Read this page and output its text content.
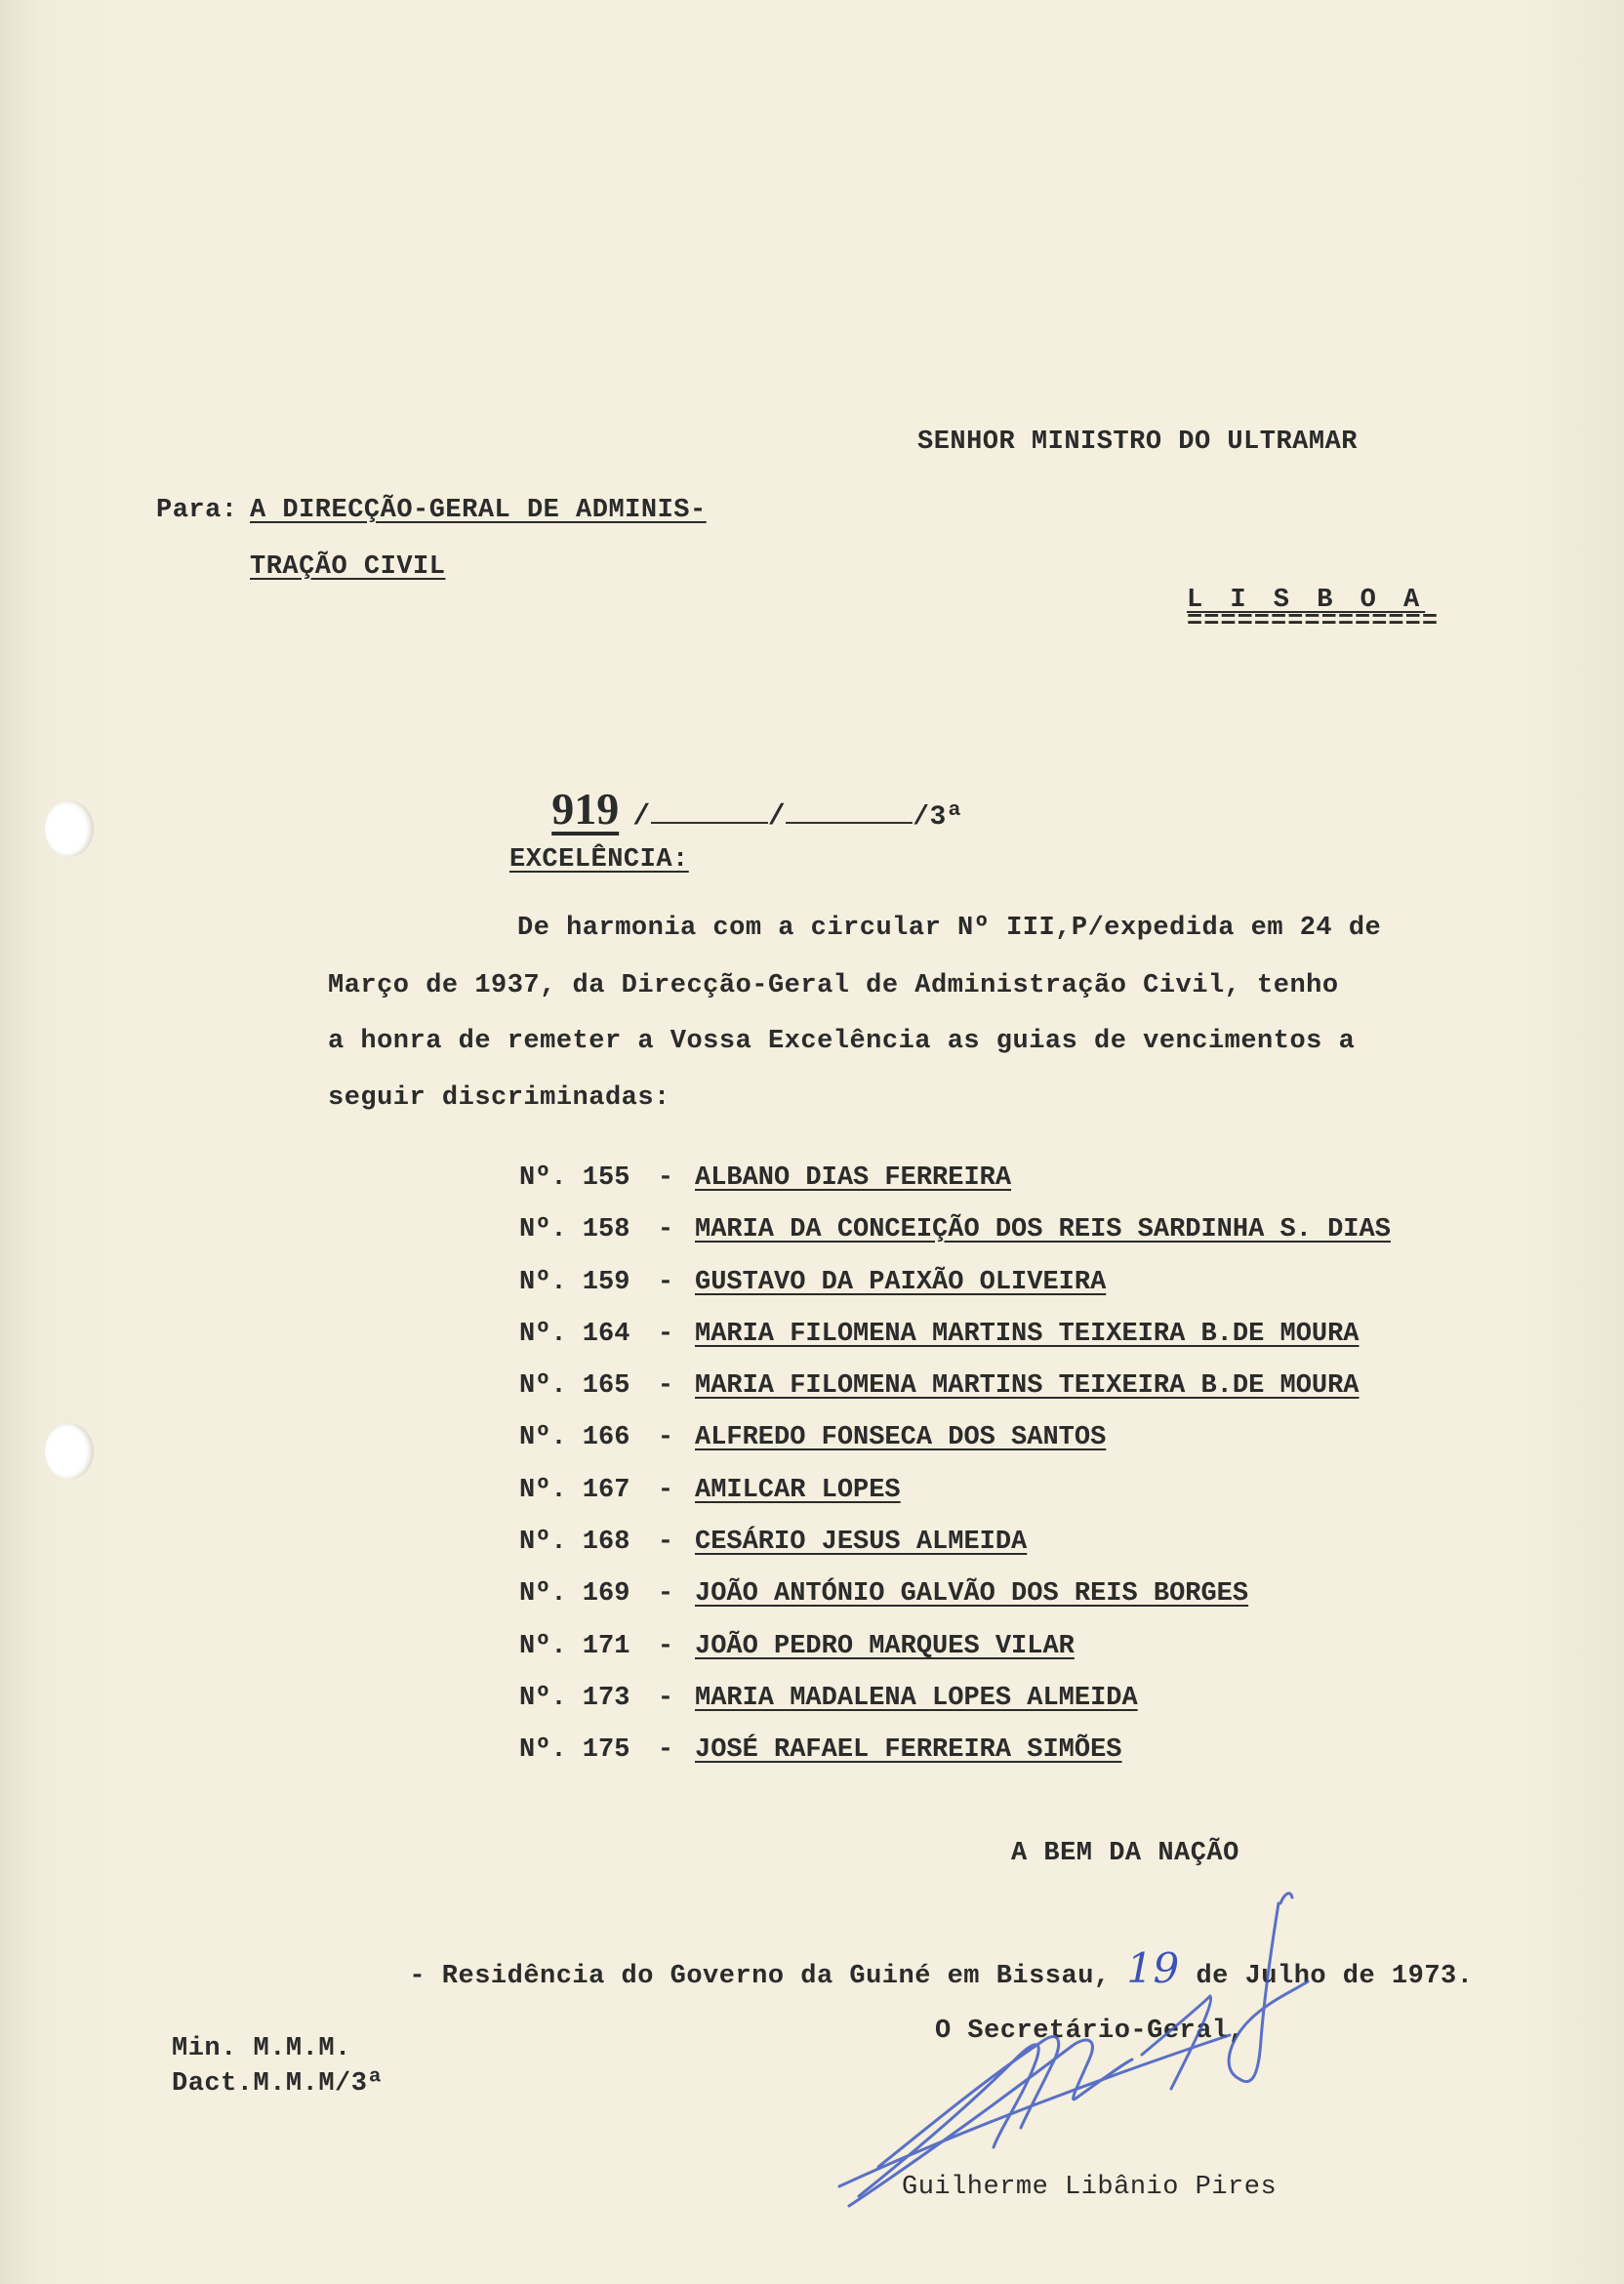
SENHOR MINISTRO DO ULTRAMAR
Para: A DIRECÇÃO-GERAL DE ADMINIS-
TRAÇÃO CIVIL
L I S B O A
===============

919 /	/	/3ª

EXCELÊNCIA:
De harmonia com a circular Nº III,P/expedida em 24 de
Março de 1937, da Direcção-Geral de Administração Civil, tenho
a honra de remeter a Vossa Excelência as guias de vencimentos a
seguir discriminadas:
Nº. 155 - ALBANO DIAS FERREIRA
Nº. 158 - MARIA DA CONCEIÇÃO DOS REIS SARDINHA S. DIAS
Nº. 159 - GUSTAVO DA PAIXÃO OLIVEIRA
Nº. 164 - MARIA FILOMENA MARTINS TEIXEIRA B.DE MOURA
Nº. 165 - MARIA FILOMENA MARTINS TEIXEIRA B.DE MOURA
Nº. 166 - ALFREDO FONSECA DOS SANTOS
Nº. 167 - AMILCAR LOPES
Nº. 168 - CESÁRIO JESUS ALMEIDA
Nº. 169 - JOÃO ANTÓNIO GALVÃO DOS REIS BORGES
Nº. 171 - JOÃO PEDRO MARQUES VILAR
Nº. 173 - MARIA MADALENA LOPES ALMEIDA
Nº. 175 - JOSÉ RAFAEL FERREIRA SIMÕES
A BEM DA NAÇÃO

- Residência do Governo da Guiné em Bissau, 19 de Julho de 1973.

O Secretário-Geral,
Min. M.M.M.
Dact.M.M.M/3ª
Guilherme Libânio Pires
